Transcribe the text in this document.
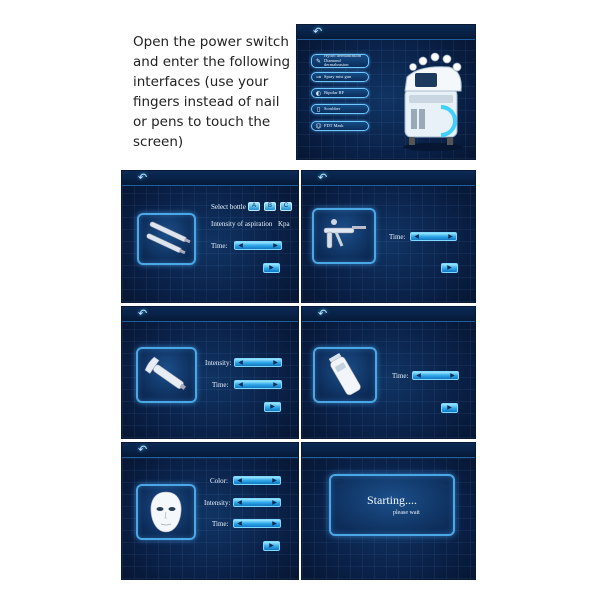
Open the power switch and enter the following interfaces (use your fingers instead of nail or pens to touch the screen)
↶
✎
Hydro dermabrasion
Diamond dermabrasion
⊸ Spray mist gun
◐ Bipolar RF
▯ Scrubber
☺ PDT Mask
↶
Select bottle	A	B	C
Intensity of aspiration Kpa
Time:	◀	▶
▶
↶
Time:	◀	▶
▶
↶
Intensity:	◀	▶
Time:	◀	▶
▶
↶
Time:	◀	▶
▶
↶
Color:	◀	▶
Intensity:	◀	▶
Time:	◀	▶
▶
Starting....
please wait
